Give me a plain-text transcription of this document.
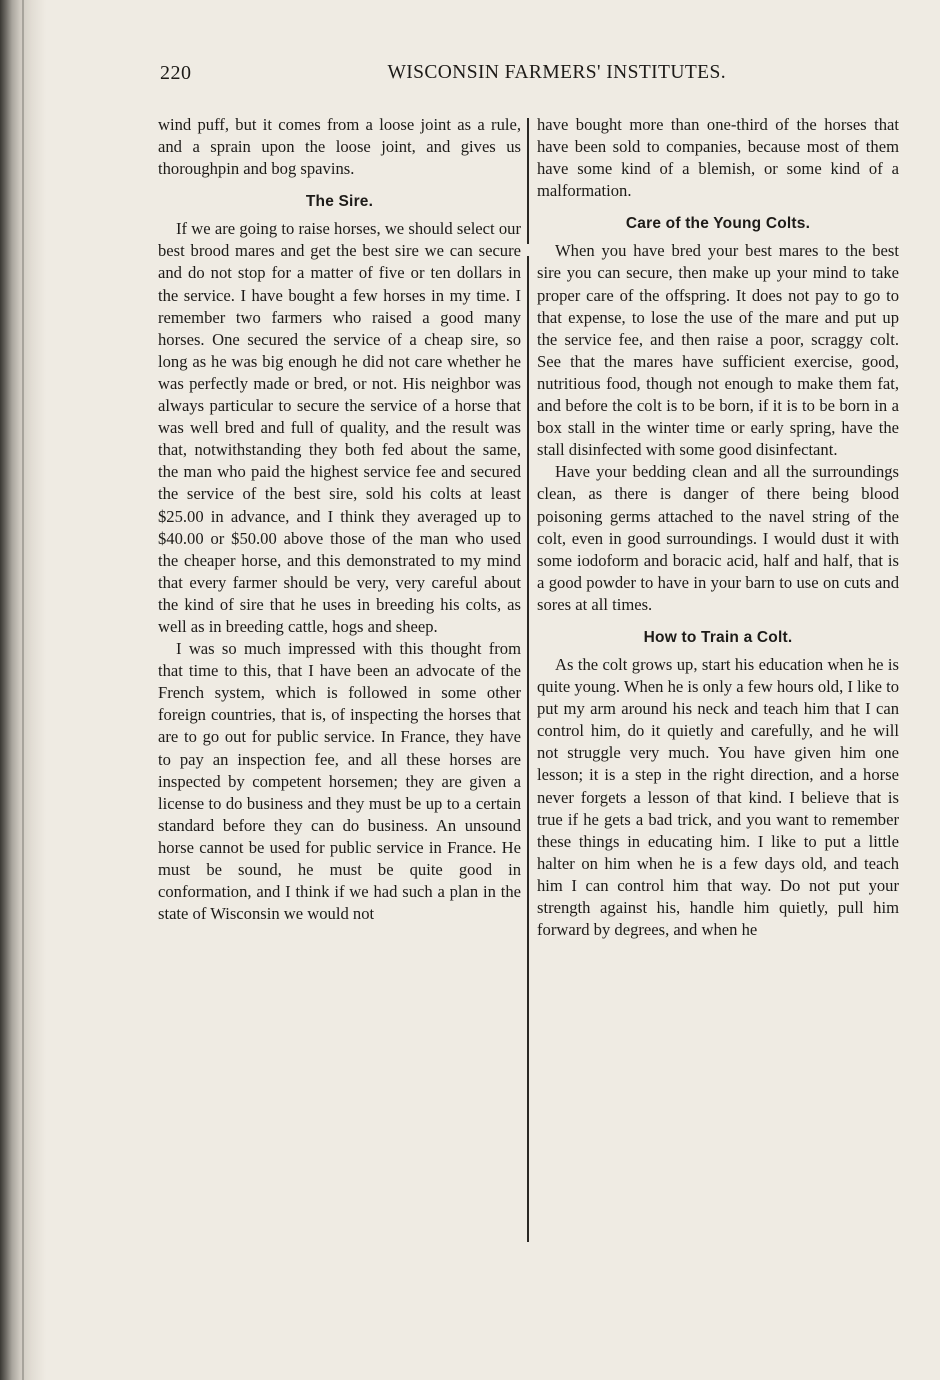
220	WISCONSIN FARMERS' INSTITUTES.

wind puff, but it comes from a loose joint as a rule, and a sprain upon the loose joint, and gives us thoroughpin and bog spavins.

The Sire.

If we are going to raise horses, we should select our best brood mares and get the best sire we can secure and do not stop for a matter of five or ten dollars in the service. I have bought a few horses in my time. I remember two farmers who raised a good many horses. One secured the service of a cheap sire, so long as he was big enough he did not care whether he was perfectly made or bred, or not. His neighbor was always particular to secure the service of a horse that was well bred and full of quality, and the result was that, notwithstanding they both fed about the same, the man who paid the highest service fee and secured the service of the best sire, sold his colts at least $25.00 in advance, and I think they averaged up to $40.00 or $50.00 above those of the man who used the cheaper horse, and this demonstrated to my mind that every farmer should be very, very careful about the kind of sire that he uses in breeding his colts, as well as in breeding cattle, hogs and sheep.

I was so much impressed with this thought from that time to this, that I have been an advocate of the French system, which is followed in some other foreign countries, that is, of inspecting the horses that are to go out for public service. In France, they have to pay an inspection fee, and all these horses are inspected by competent horsemen; they are given a license to do business and they must be up to a certain standard before they can do business. An unsound horse cannot be used for public service in France. He must be sound, he must be quite good in conformation, and I think if we had such a plan in the state of Wisconsin we would not

have bought more than one-third of the horses that have been sold to companies, because most of them have some kind of a blemish, or some kind of a malformation.

Care of the Young Colts.

When you have bred your best mares to the best sire you can secure, then make up your mind to take proper care of the offspring. It does not pay to go to that expense, to lose the use of the mare and put up the service fee, and then raise a poor, scraggy colt. See that the mares have sufficient exercise, good, nutritious food, though not enough to make them fat, and before the colt is to be born, if it is to be born in a box stall in the winter time or early spring, have the stall disinfected with some good disinfectant.

Have your bedding clean and all the surroundings clean, as there is danger of there being blood poisoning germs attached to the navel string of the colt, even in good surroundings. I would dust it with some iodoform and boracic acid, half and half, that is a good powder to have in your barn to use on cuts and sores at all times.

How to Train a Colt.

As the colt grows up, start his education when he is quite young. When he is only a few hours old, I like to put my arm around his neck and teach him that I can control him, do it quietly and carefully, and he will not struggle very much. You have given him one lesson; it is a step in the right direction, and a horse never forgets a lesson of that kind. I believe that is true if he gets a bad trick, and you want to remember these things in educating him. I like to put a little halter on him when he is a few days old, and teach him I can control him that way. Do not put your strength against his, handle him quietly, pull him forward by degrees, and when he
